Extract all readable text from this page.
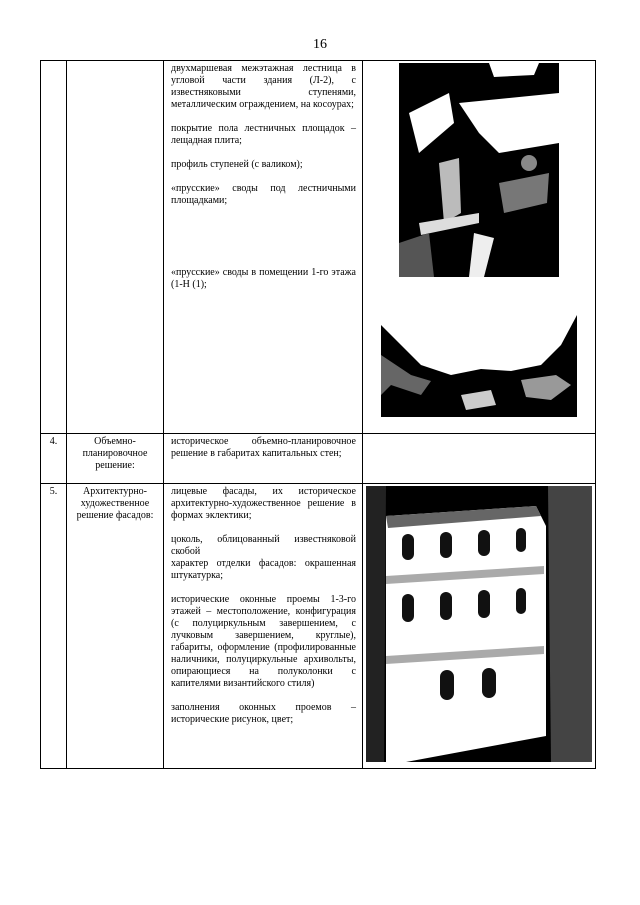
16

		двухмаршевая межэтажная лестница в угловой части здания (Л-2), с известняковыми ступенями, металлическим ограждением, на косоурах;

покрытие пола лестничных площадок – лещадная плита;

профиль ступеней (с валиком);

«прусские» своды под лестничными площадками;

«прусские» своды в помещении 1-го этажа (1-Н (1);

4.	Объемно-планировочное решение:	историческое объемно-планировочное решение в габаритах капитальных стен;	

5.	Архитектурно-художественное решение фасадов:	лицевые фасады, их историческое архитектурно-художественное решение в формах эклектики;

цоколь, облицованный известняковой скобой

характер отделки фасадов: окрашенная штукатурка;

исторические оконные проемы 1-3-го этажей – местоположение, конфигурация (с полуциркульным завершением, с лучковым завершением, круглые), габариты, оформление (профилированные наличники, полуциркульные архивольты, опирающиеся на полуколонки с капителями византийского стиля)

заполнения оконных проемов – исторические рисунок, цвет;
